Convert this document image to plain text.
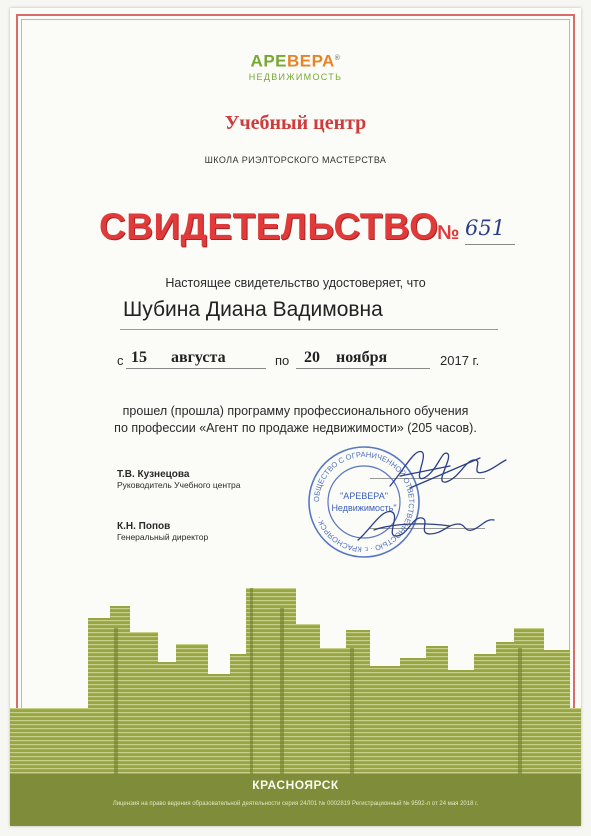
АРЕВЕРА®
НЕДВИЖИМОСТЬ
Учебный центр
ШКОЛА РИЭЛТОРСКОГО МАСТЕРСТВА
СВИДЕТЕЛЬСТВО
№ 651
Настоящее свидетельство удостоверяет, что
Шубина Диана Вадимовна
с 15 августа	по 20 ноября	2017 г.
прошел (прошла) программу профессионального обучения
по профессии «Агент по продаже недвижимости» (205 часов).
Т.В. Кузнецова
Руководитель Учебного центра
К.Н. Попов
Генеральный директор
ОБЩЕСТВО С ОГРАНИЧЕННОЙ ОТВЕТСТВЕННОСТЬЮ · г. КРАСНОЯРСК ·
"АРЕВЕРА"
Недвижимость"
КРАСНОЯРСК
Лицензия на право ведения образовательной деятельности серия 24Л01 № 0002819 Регистрационный № 9592-л от 24 мая 2018 г.
